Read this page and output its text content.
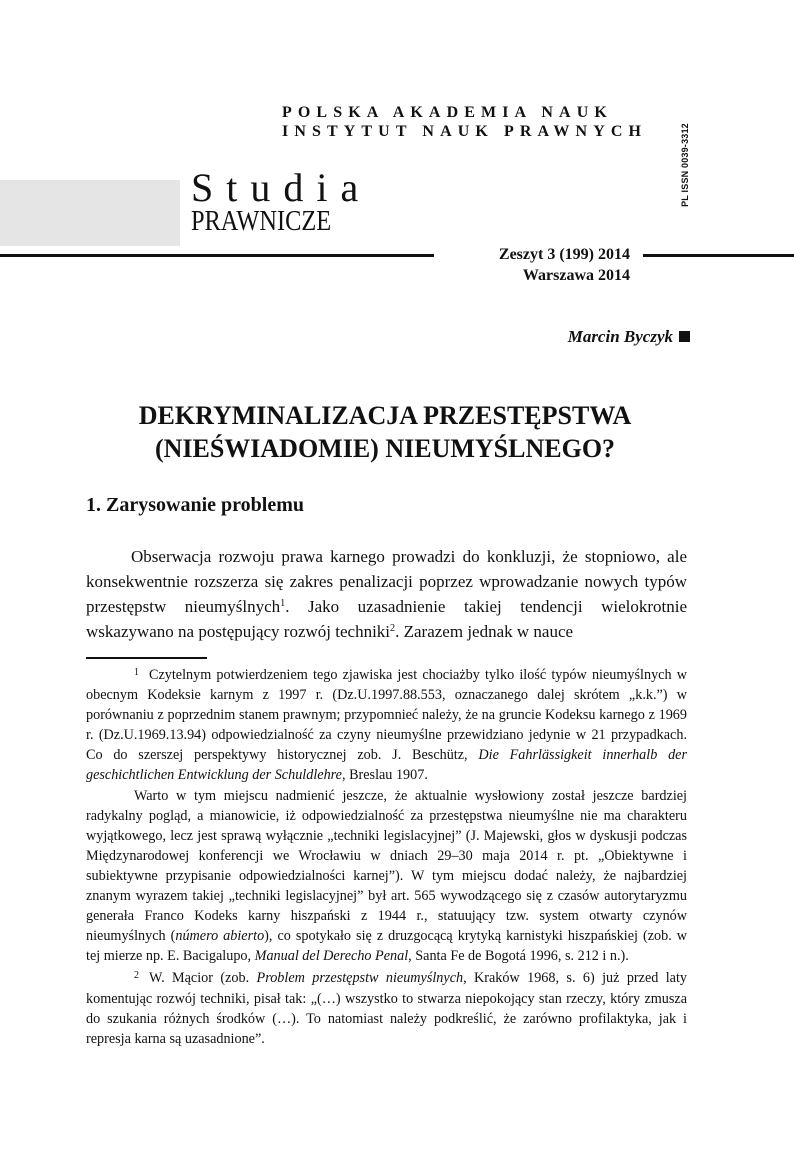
POLSKA AKADEMIA NAUK
INSTYTUT NAUK PRAWNYCH	PL ISSN 0039-3312
Studia
PRAWNICZE
Zeszyt 3 (199) 2014
Warszawa 2014
Marcin Byczyk
DEKRYMINALIZACJA PRZESTĘPSTWA
(NIEŚWIADOMIE) NIEUMYŚLNEGO?
1. Zarysowanie problemu

Obserwacja rozwoju prawa karnego prowadzi do konkluzji, że stopniowo, ale konsekwentnie rozszerza się zakres penalizacji poprzez wprowadzanie nowych typów przestępstw nieumyślnych$^1$. Jako uzasadnienie takiej tendencji wielokrotnie wskazywano na postępujący rozwój techniki$^2$. Zarazem jednak w nauce

$^1$ Czytelnym potwierdzeniem tego zjawiska jest chociażby tylko ilość typów nieumyślnych w obecnym Kodeksie karnym z 1997 r. (Dz.U.1997.88.553, oznaczanego dalej skrótem „k.k.”) w porównaniu z poprzednim stanem prawnym; przypomnieć należy, że na gruncie Kodeksu karnego z 1969 r. (Dz.U.1969.13.94) odpowiedzialność za czyny nieumyślne przewidziano jedynie w 21 przypadkach. Co do szerszej perspektywy historycznej zob. J. Beschütz, Die Fahrlässigkeit innerhalb der geschichtlichen Entwicklung der Schuldlehre, Breslau 1907.

Warto w tym miejscu nadmienić jeszcze, że aktualnie wysłowiony został jeszcze bardziej radykalny pogląd, a mianowicie, iż odpowiedzialność za przestępstwa nieumyślne nie ma charakteru wyjątkowego, lecz jest sprawą wyłącznie „techniki legislacyjnej” (J. Majewski, głos w dyskusji podczas Międzynarodowej konferencji we Wrocławiu w dniach 29–30 maja 2014 r. pt. „Obiektywne i subiektywne przypisanie odpowiedzialności karnej”). W tym miejscu dodać należy, że najbardziej znanym wyrazem takiej „techniki legislacyjnej” był art. 565 wywodzącego się z czasów autorytaryzmu generała Franco Kodeks karny hiszpański z 1944 r., statuujący tzw. system otwarty czynów nieumyślnych (número abierto), co spotykało się z druzgocącą krytyką karnistyki hiszpańskiej (zob. w tej mierze np. E. Bacigalupo, Manual del Derecho Penal, Santa Fe de Bogotá 1996, s. 212 i n.).

$^2$ W. Mącior (zob. Problem przestępstw nieumyślnych, Kraków 1968, s. 6) już przed laty komentując rozwój techniki, pisał tak: „(…) wszystko to stwarza niepokojący stan rzeczy, który zmusza do szukania różnych środków (…). To natomiast należy podkreślić, że zarówno profilaktyka, jak i represja karna są uzasadnione”.
